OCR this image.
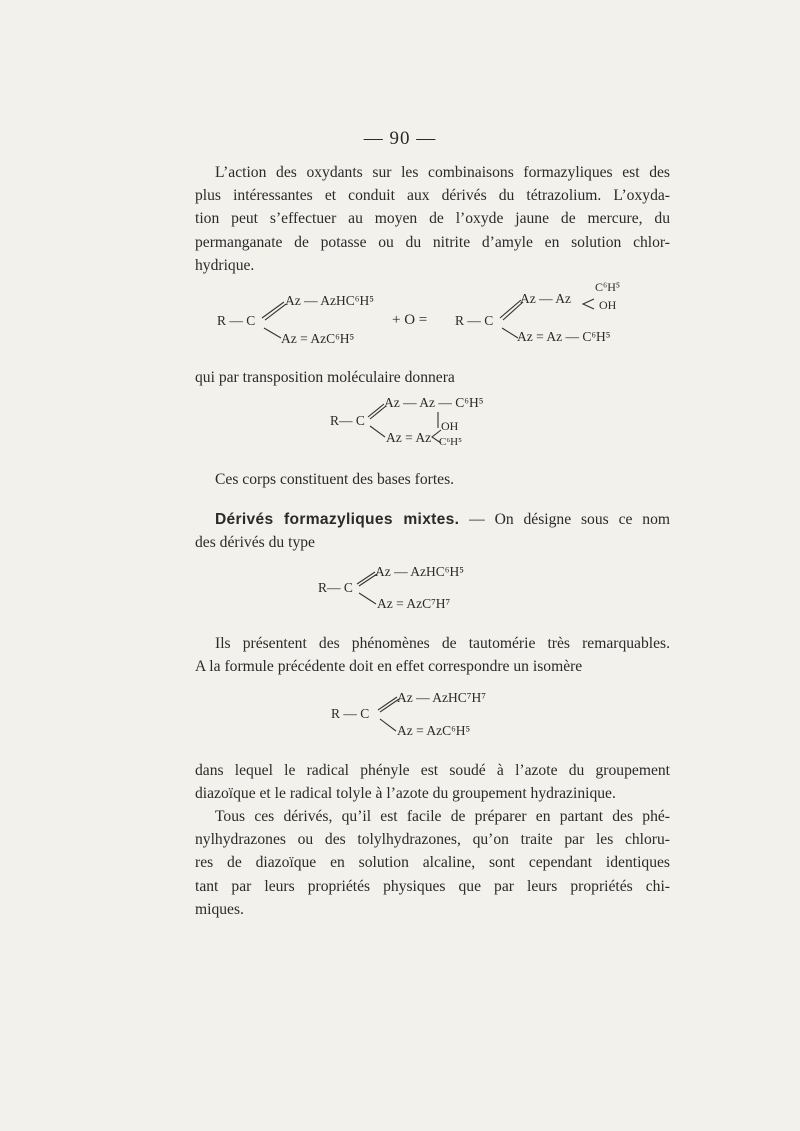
— 90 —
L’action des oxydants sur les combinaisons formazyliques est des
plus intéressantes et conduit aux dérivés du tétrazolium. L’oxyda-
tion peut s’effectuer au moyen de l’oxyde jaune de mercure, du
permanganate de potasse ou du nitrite d’amyle en solution chlor-
hydrique.
R — C
Az — AzHC⁶H⁵
Az = AzC⁶H⁵
+ O = R — C
Az — Az
C⁶H⁵
OH
Az = Az — C⁶H⁵
qui par transposition moléculaire donnera
R— C
Az — Az — C⁶H⁵
Az = Az
OH
C⁶H⁵
Ces corps constituent des bases fortes.
Dérivés formazyliques mixtes. — On désigne sous ce nom
des dérivés du type
R— C
Az — AzHC⁶H⁵
Az = AzC⁷H⁷
Ils présentent des phénomènes de tautomérie très remarquables.
A la formule précédente doit en effet correspondre un isomère
R — C
Az — AzHC⁷H⁷
Az = AzC⁶H⁵
dans lequel le radical phényle est soudé à l’azote du groupement
diazoïque et le radical tolyle à l’azote du groupement hydrazinique.
Tous ces dérivés, qu’il est facile de préparer en partant des phé-
nylhydrazones ou des tolylhydrazones, qu’on traite par les chloru-
res de diazoïque en solution alcaline, sont cependant identiques
tant par leurs propriétés physiques que par leurs propriétés chi-
miques.
